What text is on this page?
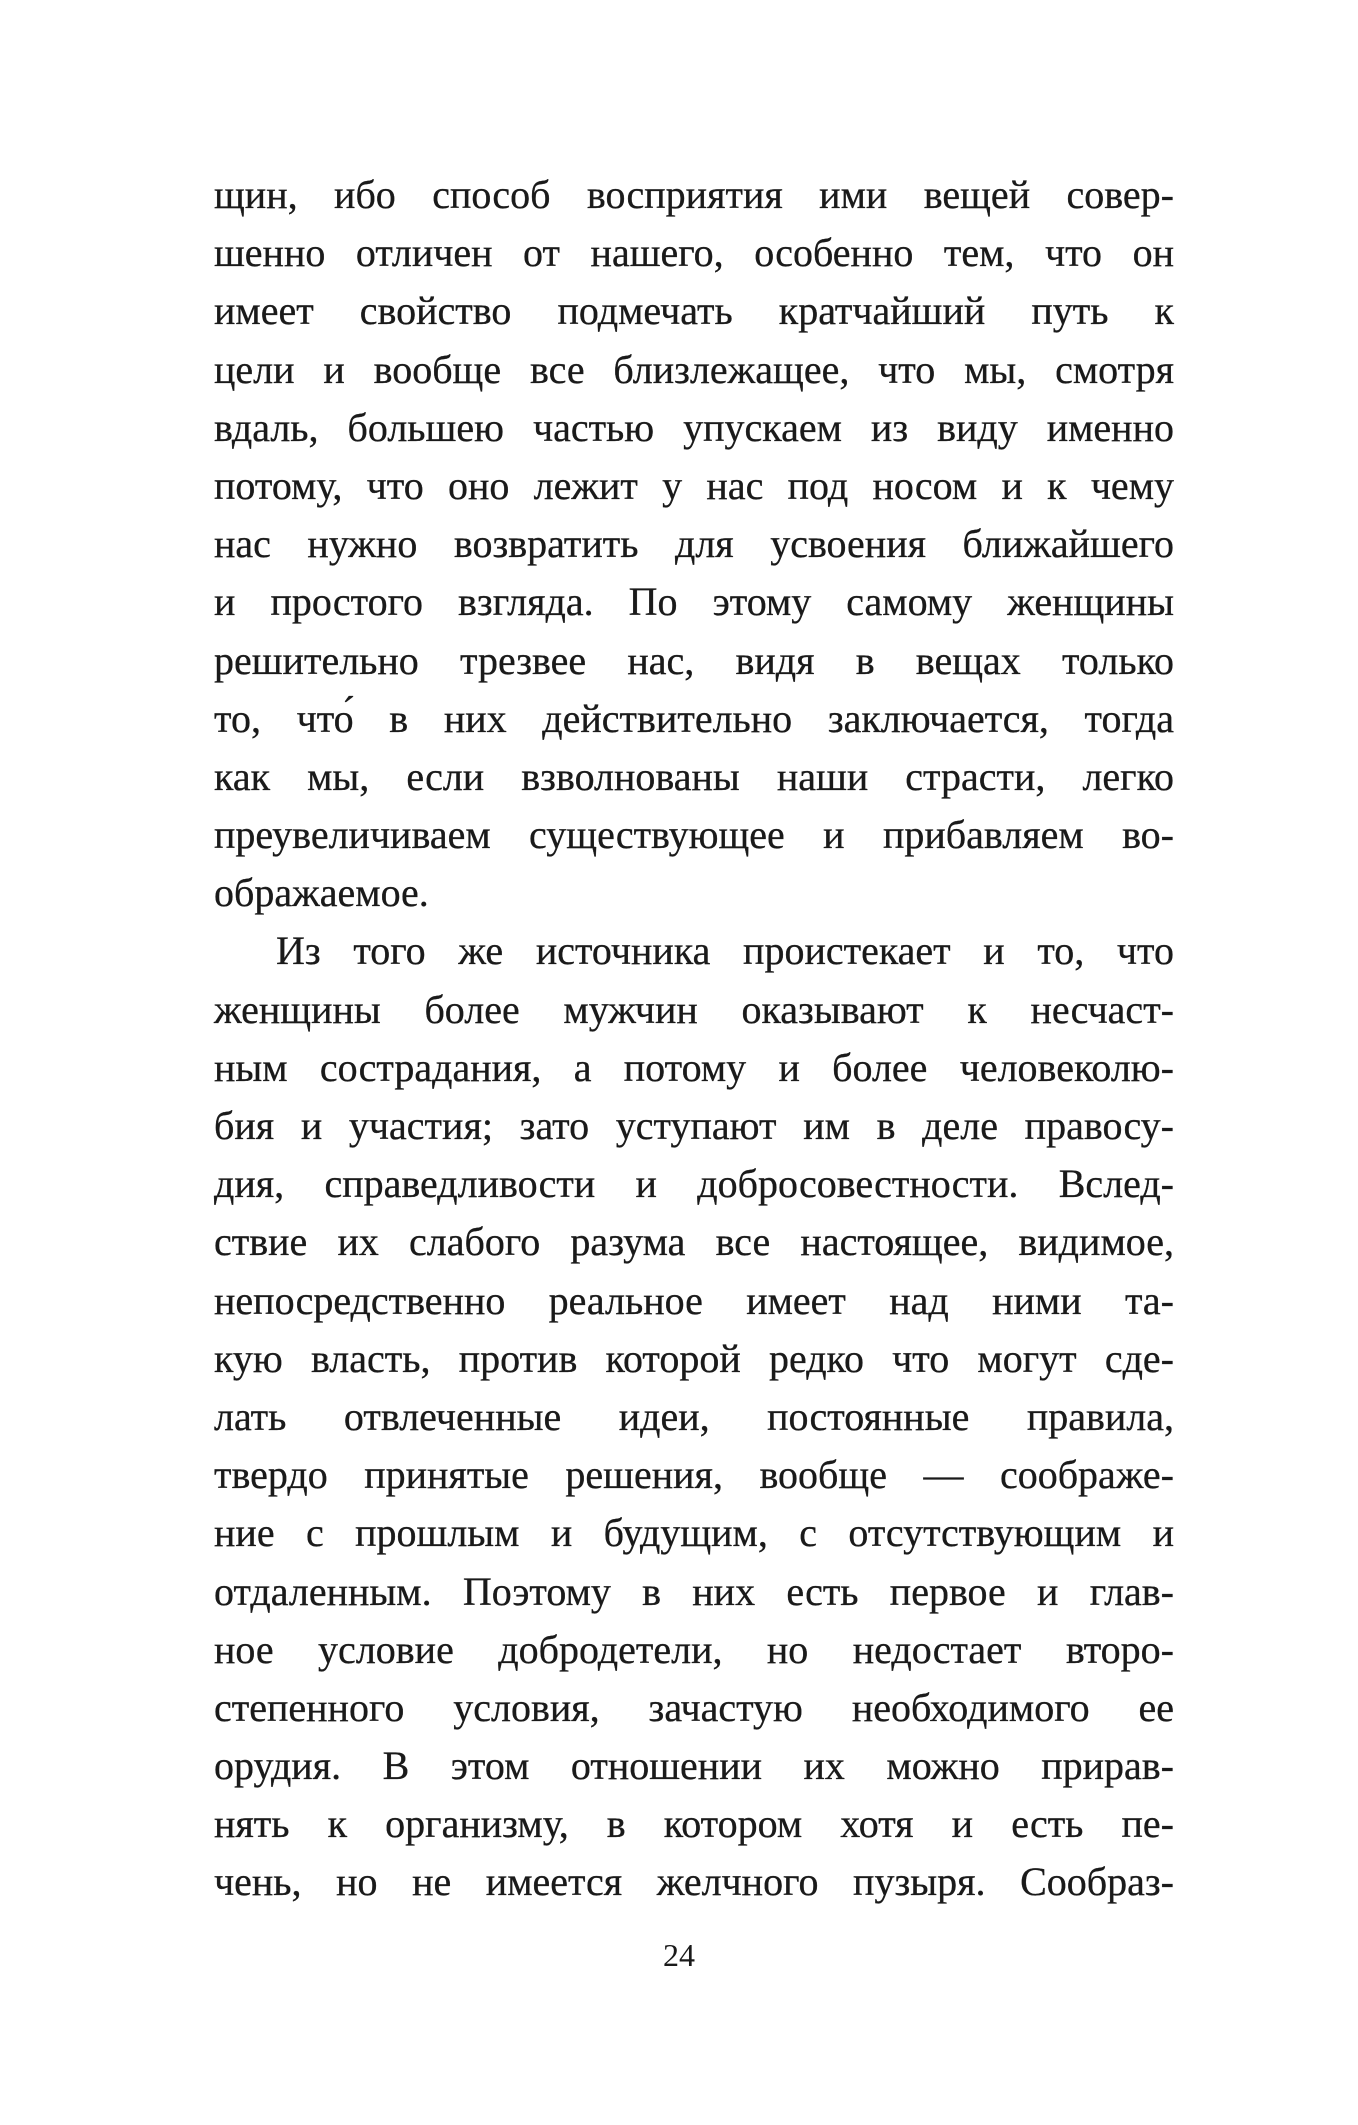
щин, ибо способ восприятия ими вещей совер-
шенно отличен от нашего, особенно тем, что он
имеет свойство подмечать кратчайший путь к
цели и вообще все близлежащее, что мы, смотря
вдаль, большею частью упускаем из виду именно
потому, что оно лежит у нас под носом и к чему
нас нужно возвратить для усвоения ближайшего
и простого взгляда. По этому самому женщины
решительно трезвее нас, видя в вещах только
то, что́ в них действительно заключается, тогда
как мы, если взволнованы наши страсти, легко
преувеличиваем существующее и прибавляем во-
ображаемое.
Из того же источника проистекает и то, что
женщины более мужчин оказывают к несчаст-
ным сострадания, а потому и более человеколю-
бия и участия; зато уступают им в деле правосу-
дия, справедливости и добросовестности. Вслед-
ствие их слабого разума все настоящее, видимое,
непосредственно реальное имеет над ними та-
кую власть, против которой редко что могут сде-
лать отвлеченные идеи, постоянные правила,
твердо принятые решения, вообще — соображе-
ние с прошлым и будущим, с отсутствующим и
отдаленным. Поэтому в них есть первое и глав-
ное условие добродетели, но недостает второ-
степенного условия, зачастую необходимого ее
орудия. В этом отношении их можно прирав-
нять к организму, в котором хотя и есть пе-
чень, но не имеется желчного пузыря. Сообраз-
24
